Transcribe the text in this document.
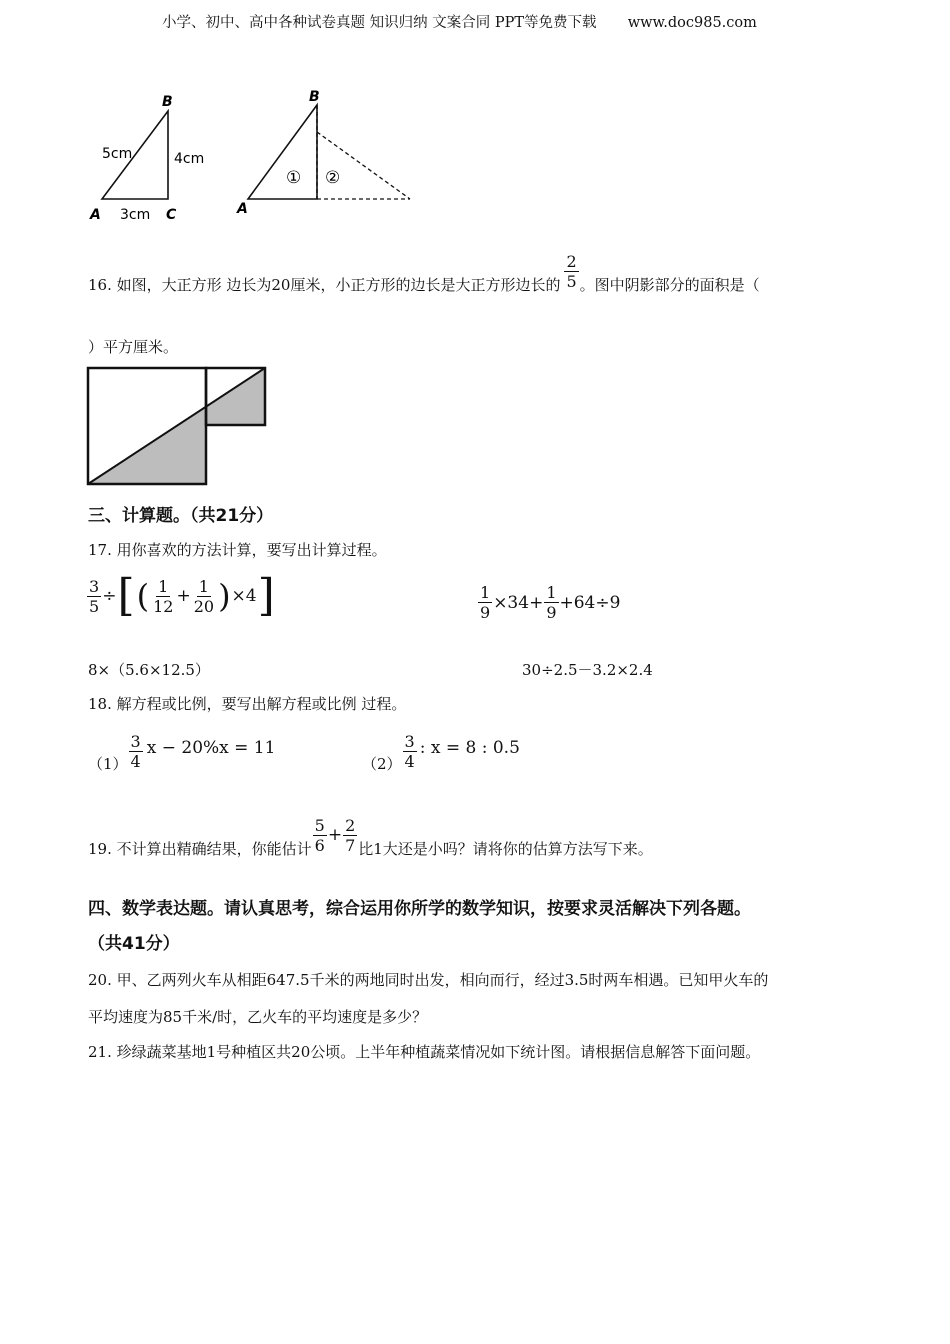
小学、初中、高中各种试卷真题 知识归纳 文案合同 PPT等免费下载 www.doc985.com
B
A	C
5cm	4cm
3cm
B
A
① ②
16. 如图，大正方形 边长为20厘米，小正方形的边长是大正方形边长的 $\frac{2}{5}$ 。图中阴影部分的面积是（
）平方厘米。
三、计算题。（共21分）
17. 用你喜欢的方法计算，要写出计算过程。
$\frac{3}{5}$ ÷ [ ( $\frac{1}{12} + \frac{1}{20}$ ) × 4 ]	$\frac{1}{9} \times 34+ \frac{1}{9} +64\div 9$
8×（5.6×12.5）	30÷2.5－3.2×2.4
18. 解方程或比例，要写出解方程或比例 过程。
$(1) \frac{3}{4}$ x − 20%x = 11
$(2) \frac{3}{4}$ : x = 8 : 0.5
19. 不计算出精确结果，你能估计 $\frac{5}{6} + \frac{2}{7}$ 比1大还是小吗？请将你的估算方法写下来。
四、数学表达题。请认真思考，综合运用你所学的数学知识，按要求灵活解决下列各题。
（共41分）
20. 甲、乙两列火车从相距647.5千米的两地同时出发，相向而行，经过3.5时两车相遇。已知甲火车的
平均速度为85千米/时，乙火车的平均速度是多少？
21. 珍绿蔬菜基地1号种植区共20公顷。上半年种植蔬菜情况如下统计图。请根据信息解答下面问题。
